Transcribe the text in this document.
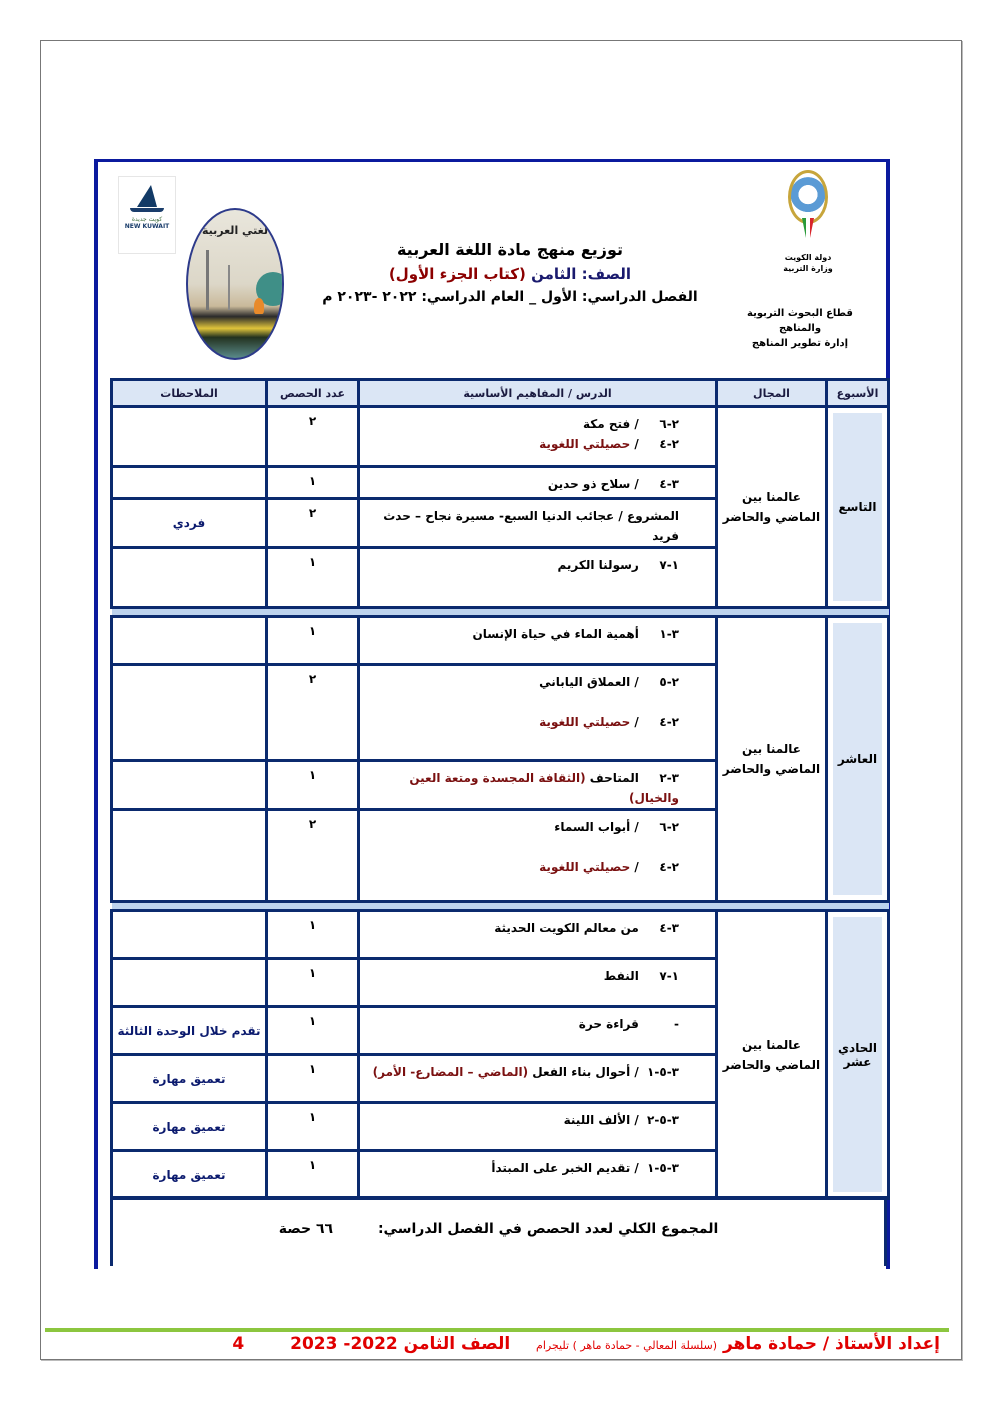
كويت جديدة
NEW KUWAIT	لغتي العربية
دولة الكويت
وزارة التربية
قطاع البحوث التربوية والمناهج
إدارة تطوير المناهج
توزيع منهج مادة اللغة العربية
الصف: الثامن (كتاب الجزء الأول)
الفصل الدراسي: الأول _ العام الدراسي: ٢٠٢٢ -٢٠٢٣ م
الأسبوع	المجال	الدرس / المفاهيم الأساسية	عدد الحصص	الملاحظات
التاسع	عالمنا بين الماضي والحاضر	٢-٦ / فتح مكة
٢-٤ / حصيلتي اللغوية	٢	

		٣-٤ / سلاح ذو حدين	١	

		المشروع / عجائب الدنيا السبع- مسيرة نجاح – حدث فريد	٢	فردي

		١-٧ رسولنا الكريم	١	

العاشر	عالمنا بين الماضي والحاضر	٣-١ أهمية الماء في حياة الإنسان	١	

		٢-٥ / العملاق الياباني
٢-٤ / حصيلتي اللغوية	٢	

		٣-٢ المتاحف (الثقافة المجسدة ومتعة العين والخيال)	١	

		٢-٦ / أبواب السماء
٢-٤ / حصيلتي اللغوية	٢	

الحادي عشر	عالمنا بين الماضي والحاضر	٣-٤ من معالم الكويت الحديثة	١	

		١-٧ النفط	١	

		- قراءة حرة	١	تقدم خلال الوحدة الثالثة

		٣-٥-١ / أحوال بناء الفعل (الماضي – المضارع- الأمر)	١	تعميق مهارة

		٣-٥-٢ / الألف اللينة	١	تعميق مهارة

		٣-٥-١ / تقديم الخبر على المبتدأ	١	تعميق مهارة
المجموع الكلي لعدد الحصص في الفصل الدراسي: ٦٦ حصة
إعداد الأستاذ / حمادة ماهر (سلسلة المعالي - حمادة ماهر ) تليجرام  الصف الثامن 2022- 2023 4
